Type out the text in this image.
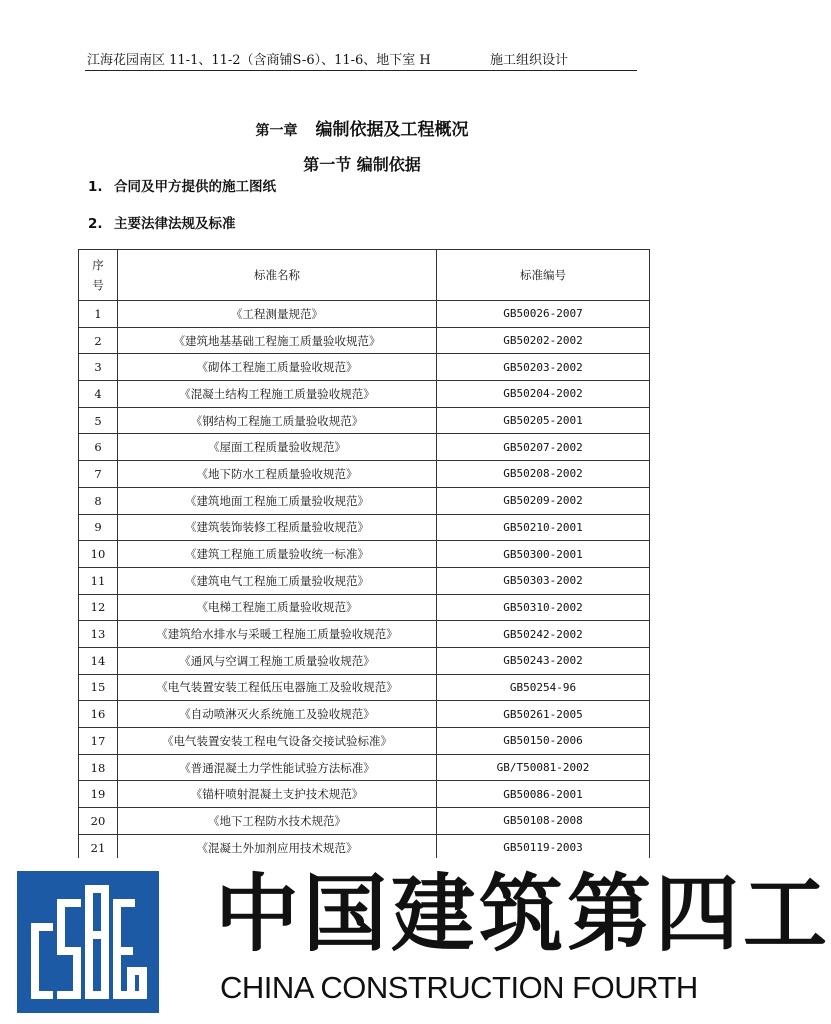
江海花园南区 11-1、11-2（含商铺S-6）、11-6、地下室 H	施工组织设计
第一章 编制依据及工程概况
第一节 编制依据
1. 合同及甲方提供的施工图纸
2. 主要法律法规及标准
序号	标准名称	标准编号
1	《工程测量规范》	GB50026-2007
2	《建筑地基基础工程施工质量验收规范》	GB50202-2002
3	《砌体工程施工质量验收规范》	GB50203-2002
4	《混凝土结构工程施工质量验收规范》	GB50204-2002
5	《钢结构工程施工质量验收规范》	GB50205-2001
6	《屋面工程质量验收规范》	GB50207-2002
7	《地下防水工程质量验收规范》	GB50208-2002
8	《建筑地面工程施工质量验收规范》	GB50209-2002
9	《建筑装饰装修工程质量验收规范》	GB50210-2001
10	《建筑工程施工质量验收统一标准》	GB50300-2001
11	《建筑电气工程施工质量验收规范》	GB50303-2002
12	《电梯工程施工质量验收规范》	GB50310-2002
13	《建筑给水排水与采暖工程施工质量验收规范》	GB50242-2002
14	《通风与空调工程施工质量验收规范》	GB50243-2002
15	《电气装置安装工程低压电器施工及验收规范》	GB50254-96
16	《自动喷淋灭火系统施工及验收规范》	GB50261-2005
17	《电气装置安装工程电气设备交接试验标准》	GB50150-2006
18	《普通混凝土力学性能试验方法标准》	GB/T50081-2002
19	《锚杆喷射混凝土支护技术规范》	GB50086-2001
20	《地下工程防水技术规范》	GB50108-2008
21	《混凝土外加剂应用技术规范》	GB50119-2003
中国建筑第四工
CHINA CONSTRUCTION FOURTH
